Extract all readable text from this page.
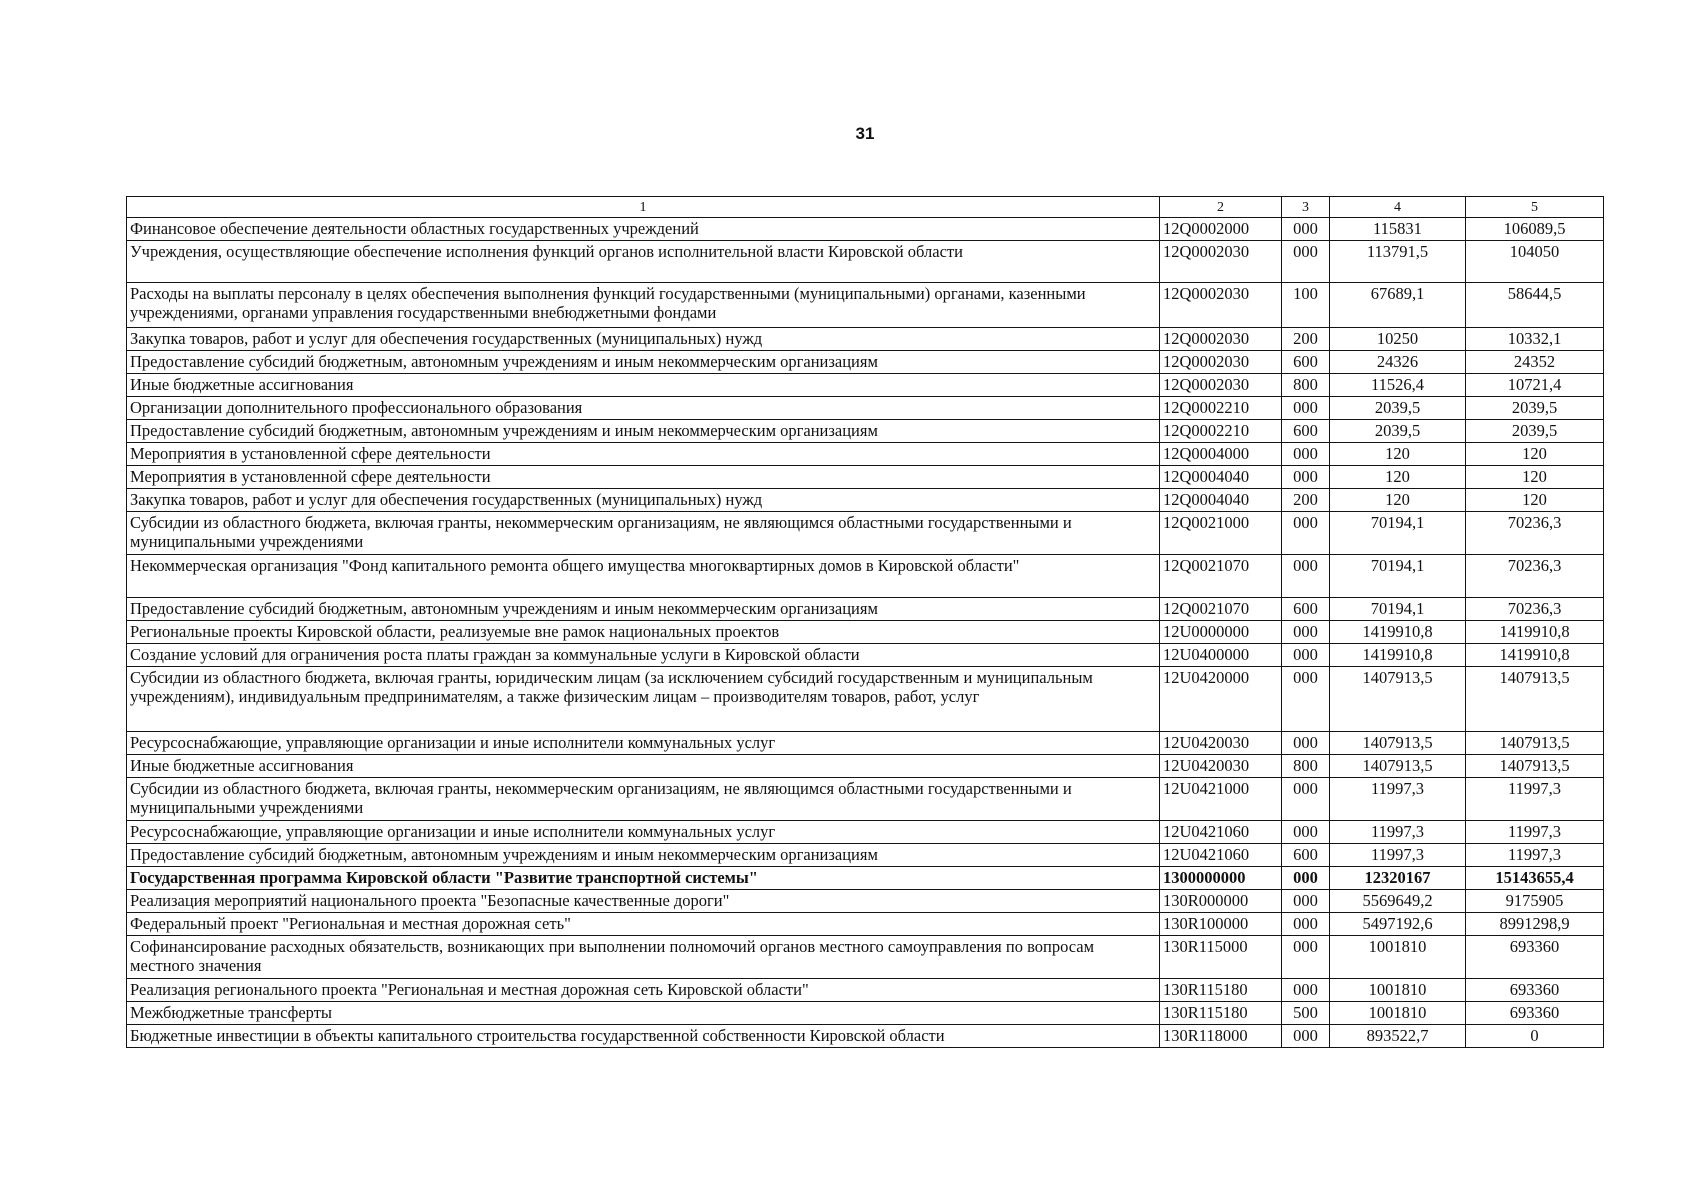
31
1	2	3	4	5
Финансовое обеспечение деятельности областных государственных учреждений	12Q0002000	000	115831	106089,5
Учреждения, осуществляющие обеспечение исполнения функций органов исполнительной власти Кировской области	12Q0002030	000	113791,5	104050
Расходы на выплаты персоналу в целях обеспечения выполнения функций государственными (муниципальными) органами, казенными учреждениями, органами управления государственными внебюджетными фондами	12Q0002030	100	67689,1	58644,5
Закупка товаров, работ и услуг для обеспечения государственных (муниципальных) нужд	12Q0002030	200	10250	10332,1
Предоставление субсидий бюджетным, автономным учреждениям и иным некоммерческим организациям	12Q0002030	600	24326	24352
Иные бюджетные ассигнования	12Q0002030	800	11526,4	10721,4
Организации дополнительного профессионального образования	12Q0002210	000	2039,5	2039,5
Предоставление субсидий бюджетным, автономным учреждениям и иным некоммерческим организациям	12Q0002210	600	2039,5	2039,5
Мероприятия в установленной сфере деятельности	12Q0004000	000	120	120
Мероприятия в установленной сфере деятельности	12Q0004040	000	120	120
Закупка товаров, работ и услуг для обеспечения государственных (муниципальных) нужд	12Q0004040	200	120	120
Субсидии из областного бюджета, включая гранты, некоммерческим организациям, не являющимся областными государственными и муниципальными учреждениями	12Q0021000	000	70194,1	70236,3
Некоммерческая организация "Фонд капитального ремонта общего имущества многоквартирных домов в Кировской области"	12Q0021070	000	70194,1	70236,3
Предоставление субсидий бюджетным, автономным учреждениям и иным некоммерческим организациям	12Q0021070	600	70194,1	70236,3
Региональные проекты Кировской области, реализуемые вне рамок национальных проектов	12U0000000	000	1419910,8	1419910,8
Создание условий для ограничения роста платы граждан за коммунальные услуги в Кировской области	12U0400000	000	1419910,8	1419910,8
Субсидии из областного бюджета, включая гранты, юридическим лицам (за исключением субсидий государственным и муниципальным учреждениям), индивидуальным предпринимателям, а также физическим лицам – производителям товаров, работ, услуг	12U0420000	000	1407913,5	1407913,5
Ресурсоснабжающие, управляющие организации и иные исполнители коммунальных услуг	12U0420030	000	1407913,5	1407913,5
Иные бюджетные ассигнования	12U0420030	800	1407913,5	1407913,5
Субсидии из областного бюджета, включая гранты, некоммерческим организациям, не являющимся областными государственными и муниципальными учреждениями	12U0421000	000	11997,3	11997,3
Ресурсоснабжающие, управляющие организации и иные исполнители коммунальных услуг	12U0421060	000	11997,3	11997,3
Предоставление субсидий бюджетным, автономным учреждениям и иным некоммерческим организациям	12U0421060	600	11997,3	11997,3
Государственная программа Кировской области "Развитие транспортной системы"	1300000000	000	12320167	15143655,4
Реализация мероприятий национального проекта "Безопасные качественные дороги"	130R000000	000	5569649,2	9175905
Федеральный проект "Региональная и местная дорожная сеть"	130R100000	000	5497192,6	8991298,9
Софинансирование расходных обязательств, возникающих при выполнении полномочий органов местного самоуправления по вопросам местного значения	130R115000	000	1001810	693360
Реализация регионального проекта "Региональная и местная дорожная сеть Кировской области"	130R115180	000	1001810	693360
Межбюджетные трансферты	130R115180	500	1001810	693360
Бюджетные инвестиции в объекты капитального строительства государственной собственности Кировской области	130R118000	000	893522,7	0
